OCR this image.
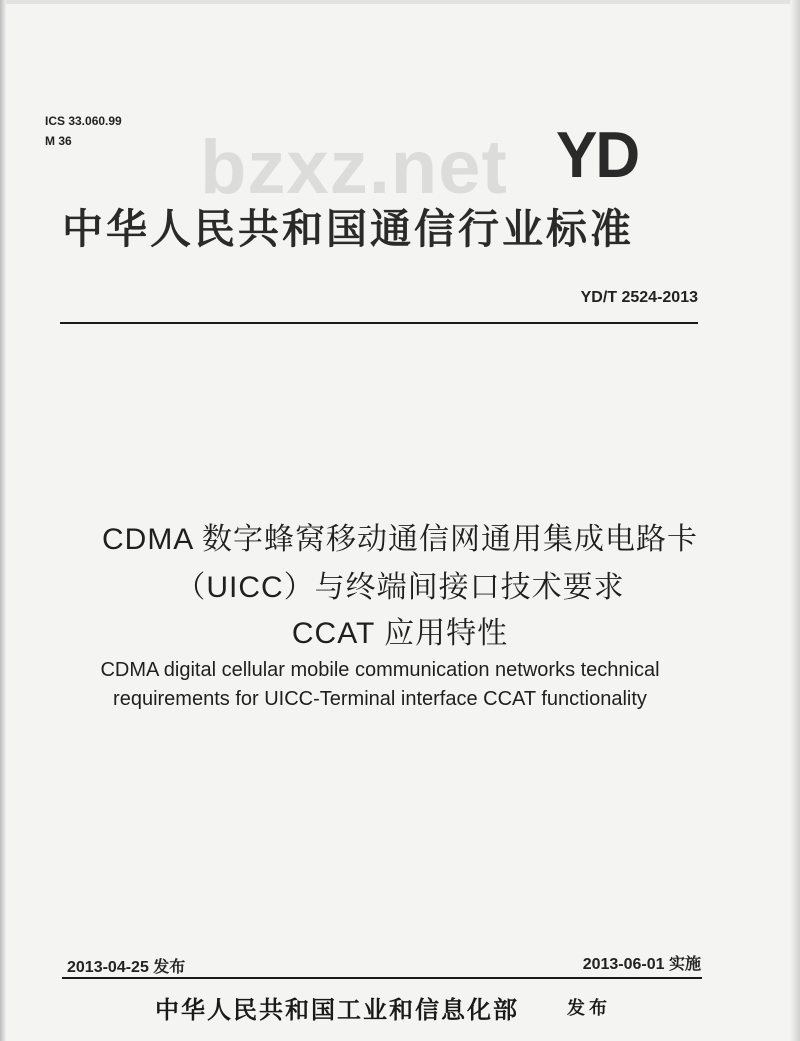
ICS 33.060.99
M 36	bzxz.net YD
中华人民共和国通信行业标准
YD/T 2524-2013
CDMA 数字蜂窝移动通信网通用集成电路卡
（UICC）与终端间接口技术要求
CCAT 应用特性
CDMA digital cellular mobile communication networks technical
requirements for UICC-Terminal interface CCAT functionality
2013-04-25 发布	2013-06-01 实施
中华人民共和国工业和信息化部	发布
